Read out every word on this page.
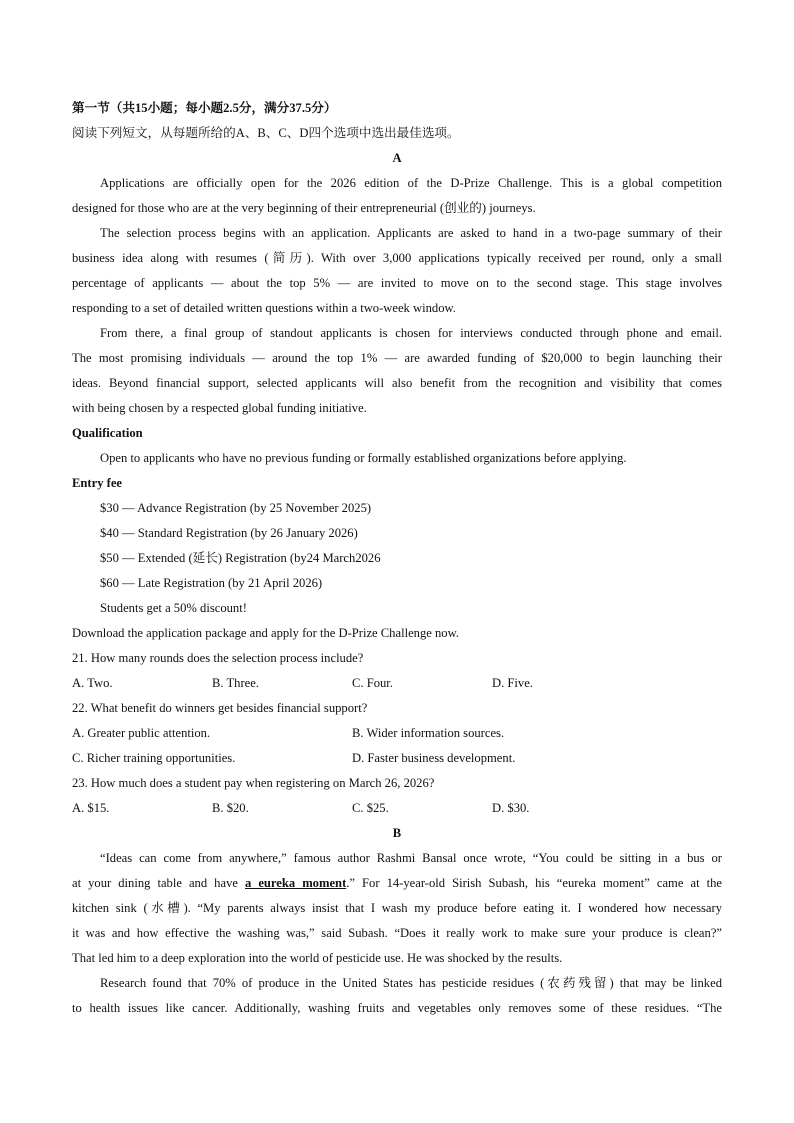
第一节（共15小题；每小题2.5分，满分37.5分）
阅读下列短文，从每题所给的A、B、C、D四个选项中选出最佳选项。
A
Applications are officially open for the 2026 edition of the D-Prize Challenge. This is a global competition
designed for those who are at the very beginning of their entrepreneurial (创业的) journeys.
The selection process begins with an application. Applicants are asked to hand in a two-page summary of their
business idea along with resumes (简历). With over 3,000 applications typically received per round, only a small
percentage of applicants — about the top 5% — are invited to move on to the second stage. This stage involves
responding to a set of detailed written questions within a two-week window.
From there, a final group of standout applicants is chosen for interviews conducted through phone and email.
The most promising individuals — around the top 1% — are awarded funding of $20,000 to begin launching their
ideas. Beyond financial support, selected applicants will also benefit from the recognition and visibility that comes
with being chosen by a respected global funding initiative.
Qualification
Open to applicants who have no previous funding or formally established organizations before applying.
Entry fee
$30 — Advance Registration (by 25 November 2025)
$40 — Standard Registration (by 26 January 2026)
$50 — Extended (延长) Registration (by24 March2026
$60 — Late Registration (by 21 April 2026)
Students get a 50% discount!
Download the application package and apply for the D-Prize Challenge now.
21. How many rounds does the selection process include?
A. Two.	B. Three.	C. Four.	D. Five.
22. What benefit do winners get besides financial support?
A. Greater public attention.	B. Wider information sources.
C. Richer training opportunities.	D. Faster business development.
23. How much does a student pay when registering on March 26, 2026?
A. $15.	B. $20.	C. $25.	D. $30.
B
“Ideas can come from anywhere,” famous author Rashmi Bansal once wrote, “You could be sitting in a bus or
at your dining table and have a eureka moment.” For 14-year-old Sirish Subash, his “eureka moment” came at the
kitchen sink (水槽). “My parents always insist that I wash my produce before eating it. I wondered how necessary
it was and how effective the washing was,” said Subash. “Does it really work to make sure your produce is clean?”
That led him to a deep exploration into the world of pesticide use. He was shocked by the results.
Research found that 70% of produce in the United States has pesticide residues (农药残留) that may be linked
to health issues like cancer. Additionally, washing fruits and vegetables only removes some of these residues. “The
